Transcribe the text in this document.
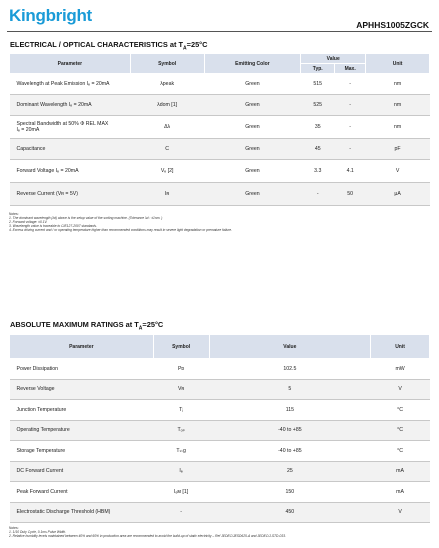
Kingbright	APHHS1005ZGCK
ELECTRICAL / OPTICAL CHARACTERISTICS at $T_A=25^\circ C$
Parameter	Symbol	Emitting Color	Value		Unit
			Typ.	Max.	
Wavelength at Peak Emission Iₑ = 20mA	λpeak	Green	515	-	nm
Dominant Wavelength Iₑ = 20mA	λdom [1]	Green	525	-	nm
Spectral Bandwidth at 50% Φ REL MAX
Iₑ = 20mA	Δλ	Green	35	-	nm
Capacitance	C	Green	45	-	pF
Forward Voltage Iₑ = 20mA	Vₑ [2]	Green	3.3	4.1	V
Reverse Current (Vʀ = 5V)	Iʀ	Green	-	50	μA
Notes:
1. The dominant wavelength (λd) above is the setup value of the sorting machine. (Tolerance λd : ±1nm. )
2. Forward voltage: ±0.1V.
3. Wavelength value is traceable to CIE127-2007 standards.
4. Excess driving current and / or operating temperature higher than recommended conditions may result in severe light degradation or premature failure.
ABSOLUTE MAXIMUM RATINGS at $T_A=25^\circ C$
Parameter	Symbol	Value	Unit
Power Dissipation	Pᴅ	102.5	mW
Reverse Voltage	Vʀ	5	V
Junction Temperature	Tⱼ	115	°C
Operating Temperature	Tₒₚ	-40 to +85	°C
Storage Temperature	Tₛₜg	-40 to +85	°C
DC Forward Current	Iₑ	25	mA
Peak Forward Current	Iₑᴍ [1]	150	mA
Electrostatic Discharge Threshold (HBM)	-	450	V
Notes:
1. 1/10 Duty Cycle, 0.1ms Pulse Width.
2. Relative humidity levels maintained between 40% and 60% in production area are recommended to avoid the build-up of static electricity – Ref JEDEC/JESD625-A and JEDEC/J-STD-033.
